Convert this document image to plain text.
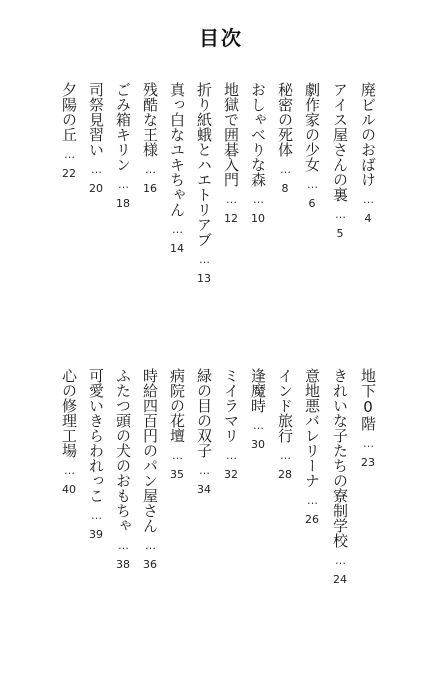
目次
廃ビルのおばけ
…
4
アイス屋さんの裏
…
5
劇作家の少女
…
6
秘密の死体
…
8
おしゃべりな森
…
10
地獄で囲碁入門
…
12
折り紙蛾とハエトリアブ
…
13
真っ白なユキちゃん
…
14
残酷な王様
…
16
ごみ箱キリン
…
18
司祭見習い
…
20
夕陽の丘
…
22
地下0階
…
23
きれいな子たちの寮制学校
…
24
意地悪バレリーナ
…
26
インド旅行
…
28
逢魔時
…
30
ミイラマリ
…
32
緑の目の双子
…
34
病院の花壇
…
35
時給四百円のパン屋さん
…
36
ふたつ頭の犬のおもちゃ
…
38
可愛いきらわれっこ
…
39
心の修理工場
…
40
